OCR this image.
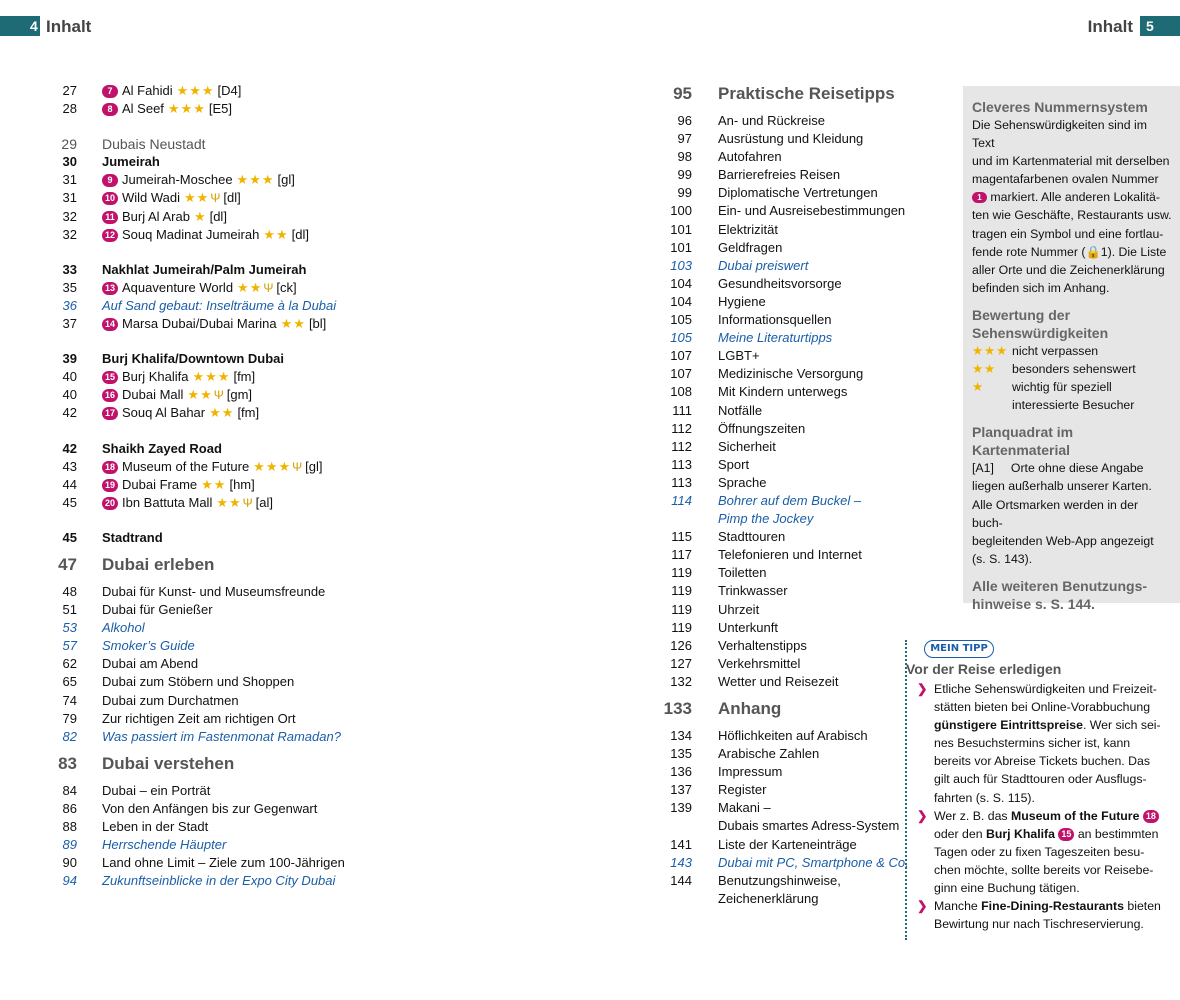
4 Inhalt	Inhalt 5
27	7 Al Fahidi ★★★ [D4]
28	8 Al Seef ★★★ [E5]
29 Dubais Neustadt
30 Jumeirah
31	9 Jumeirah-Moschee ★★★ [gl]
31	10 Wild Wadi ★★Ψ [dl]
32	11 Burj Al Arab ★ [dl]
32	12 Souq Madinat Jumeirah ★★ [dl]
33 Nakhlat Jumeirah/Palm Jumeirah
35	13 Aquaventure World ★★Ψ [ck]
36 Auf Sand gebaut: Inselträume à la Dubai
37	14 Marsa Dubai/Dubai Marina ★★ [bl]
39 Burj Khalifa/Downtown Dubai
40	15 Burj Khalifa ★★★ [fm]
40	16 Dubai Mall ★★Ψ [gm]
42	17 Souq Al Bahar ★★ [fm]
42 Shaikh Zayed Road
43	18 Museum of the Future ★★★Ψ [gl]
44	19 Dubai Frame ★★ [hm]
45	20 Ibn Battuta Mall ★★Ψ [al]
45 Stadtrand
47 Dubai erleben
48 Dubai für Kunst- und Museumsfreunde
51 Dubai für Genießer
53 Alkohol
57 Smoker’s Guide
62 Dubai am Abend
65 Dubai zum Stöbern und Shoppen
74 Dubai zum Durchatmen
79 Zur richtigen Zeit am richtigen Ort
82 Was passiert im Fastenmonat Ramadan?
83 Dubai verstehen
84 Dubai – ein Porträt
86 Von den Anfängen bis zur Gegenwart
88 Leben in der Stadt
89 Herrschende Häupter
90 Land ohne Limit – Ziele zum 100-Jährigen
94 Zukunftseinblicke in der Expo City Dubai
95 Praktische Reisetipps
96 An- und Rückreise
97 Ausrüstung und Kleidung
98 Autofahren
99 Barrierefreies Reisen
99 Diplomatische Vertretungen
100 Ein- und Ausreisebestimmungen
101 Elektrizität
101 Geldfragen
103 Dubai preiswert
104 Gesundheitsvorsorge
104 Hygiene
105 Informationsquellen
105 Meine Literaturtipps
107 LGBT+
107 Medizinische Versorgung
108 Mit Kindern unterwegs
111 Notfälle
112 Öffnungszeiten
112 Sicherheit
113 Sport
113 Sprache
114 Bohrer auf dem Buckel –
Pimp the Jockey
115 Stadttouren
117 Telefonieren und Internet
119 Toiletten
119 Trinkwasser
119 Uhrzeit
119 Unterkunft
126 Verhaltenstipps
127 Verkehrsmittel
132 Wetter und Reisezeit
133 Anhang
134 Höflichkeiten auf Arabisch
135 Arabische Zahlen
136 Impressum
137 Register
139 Makani –
Dubais smartes Adress-System
141 Liste der Karteneinträge
143 Dubai mit PC, Smartphone & Co.
144 Benutzungshinweise,
Zeichenerklärung
Cleveres Nummernsystem
Die Sehenswürdigkeiten sind im Text
und im Kartenmaterial mit derselben
magentafarbenen ovalen Nummer
1 markiert. Alle anderen Lokalitä-
ten wie Geschäfte, Restaurants usw.
tragen ein Symbol und eine fortlau-
fende rote Nummer (🔒1). Die Liste
aller Orte und die Zeichenerklärung
befinden sich im Anhang.
Bewertung der
Sehenswürdigkeiten
★★★ nicht verpassen
★★	besonders sehenswert
★	wichtig für speziell
interessierte Besucher
Planquadrat im Kartenmaterial
[A1] Orte ohne diese Angabe
liegen außerhalb unserer Karten.
Alle Ortsmarken werden in der buch-
begleitenden Web-App angezeigt
(s. S. 143).
Alle weiteren Benutzungs-
hinweise s. S. 144.
MEIN TIPP
Vor der Reise erledigen
❯ Etliche Sehenswürdigkeiten und Freizeit-
stätten bieten bei Online-Vorabbuchung
günstigere Eintrittspreise. Wer sich sei-
nes Besuchstermins sicher ist, kann
bereits vor Abreise Tickets buchen. Das
gilt auch für Stadttouren oder Ausflugs-
fahrten (s. S. 115).
❯ Wer z. B. das Museum of the Future 18
oder den Burj Khalifa 15 an bestimmten
Tagen oder zu fixen Tageszeiten besu-
chen möchte, sollte bereits vor Reisebe-
ginn eine Buchung tätigen.
❯ Manche Fine-Dining-Restaurants bieten
Bewirtung nur nach Tischreservierung.
